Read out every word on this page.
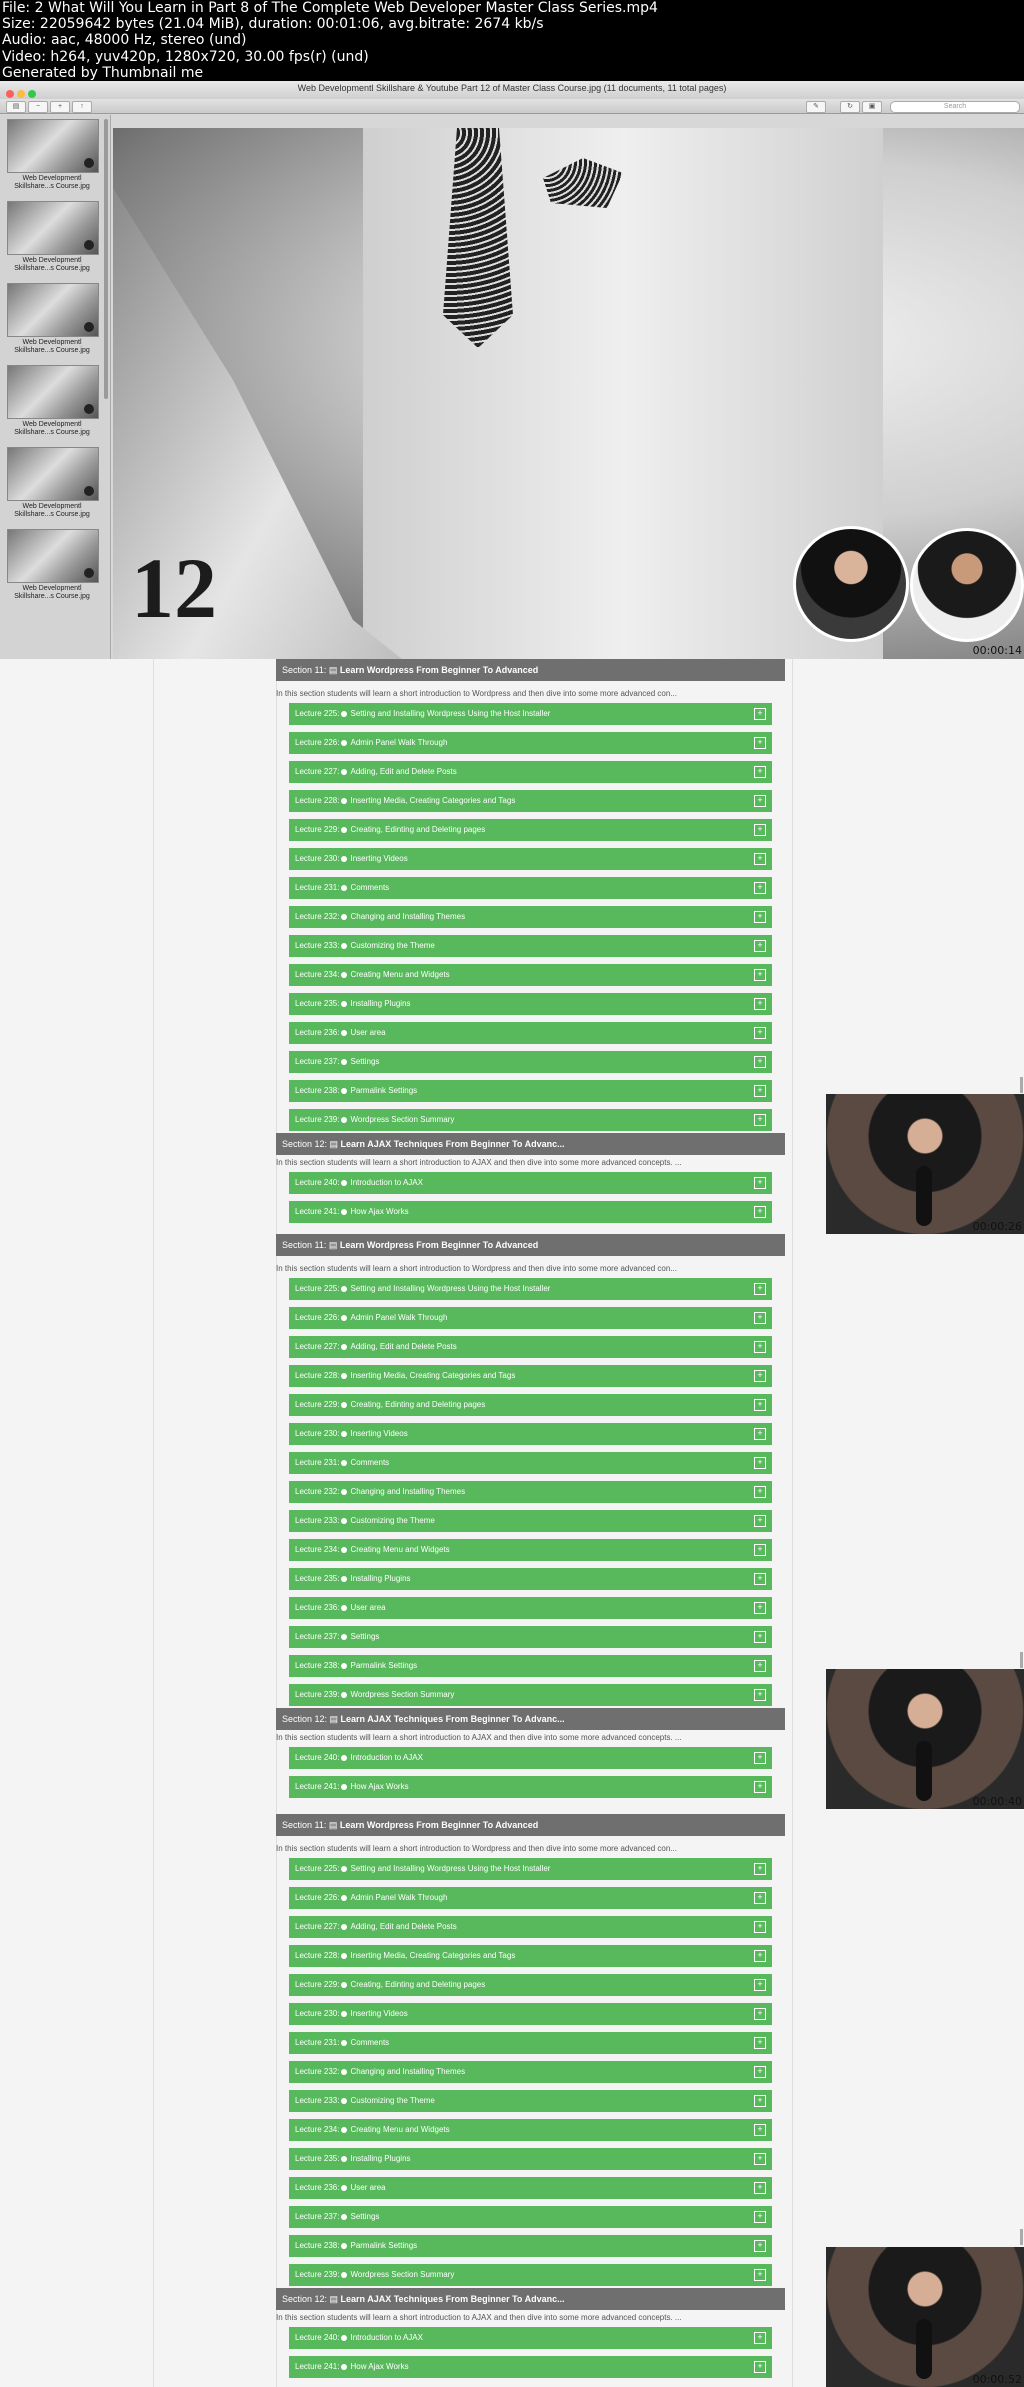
File: 2 What Will You Learn in Part 8 of The Complete Web Developer Master Class Series.mp4
Size: 22059642 bytes (21.04 MiB), duration: 00:01:06, avg.bitrate: 2674 kb/s
Audio: aac, 48000 Hz, stereo (und)
Video: h264, yuv420p, 1280x720, 30.00 fps(r) (und)
Generated by Thumbnail me
Web Developmentl Skillshare & Youtube Part 12 of Master Class Course.jpg (11 documents, 11 total pages)
▤	−	+	↑	✎	↻	▣	Search
Web Developmentl Skillshare...s Course.jpg
Web Developmentl Skillshare...s Course.jpg
Web Developmentl Skillshare...s Course.jpg
Web Developmentl Skillshare...s Course.jpg
Web Developmentl Skillshare...s Course.jpg
Web Developmentl Skillshare...s Course.jpg 12
00:00:14
Section 11: ▤ Learn Wordpress From Beginner To Advanced
In this section students will learn a short introduction to Wordpress and then dive into some more advanced con...
Lecture 225: Setting and Installing Wordpress Using the Host Installer	+
Lecture 226: Admin Panel Walk Through	+
Lecture 227: Adding, Edit and Delete Posts	+
Lecture 228: Inserting Media, Creating Categories and Tags	+
Lecture 229: Creating, Edinting and Deleting pages	+
Lecture 230: Inserting Videos	+
Lecture 231: Comments	+
Lecture 232: Changing and Installing Themes	+
Lecture 233: Customizing the Theme	+
Lecture 234: Creating Menu and Widgets	+
Lecture 235: Installing Plugins	+
Lecture 236: User area	+
Lecture 237: Settings	+
Lecture 238: Parmalink Settings	+
Lecture 239: Wordpress Section Summary	+
Section 12: ▤ Learn AJAX Techniques From Beginner To Advanc...
In this section students will learn a short introduction to AJAX and then dive into some more advanced concepts. ...
Lecture 240: Introduction to AJAX	+
Lecture 241: How Ajax Works	+
00:00:26
Section 11: ▤ Learn Wordpress From Beginner To Advanced
In this section students will learn a short introduction to Wordpress and then dive into some more advanced con...
Lecture 225: Setting and Installing Wordpress Using the Host Installer	+
Lecture 226: Admin Panel Walk Through	+
Lecture 227: Adding, Edit and Delete Posts	+
Lecture 228: Inserting Media, Creating Categories and Tags	+
Lecture 229: Creating, Edinting and Deleting pages	+
Lecture 230: Inserting Videos	+
Lecture 231: Comments	+
Lecture 232: Changing and Installing Themes	+
Lecture 233: Customizing the Theme	+
Lecture 234: Creating Menu and Widgets	+
Lecture 235: Installing Plugins	+
Lecture 236: User area	+
Lecture 237: Settings	+
Lecture 238: Parmalink Settings	+
Lecture 239: Wordpress Section Summary	+
Section 12: ▤ Learn AJAX Techniques From Beginner To Advanc...
In this section students will learn a short introduction to AJAX and then dive into some more advanced concepts. ...
Lecture 240: Introduction to AJAX	+
Lecture 241: How Ajax Works	+
00:00:40
Section 11: ▤ Learn Wordpress From Beginner To Advanced
In this section students will learn a short introduction to Wordpress and then dive into some more advanced con...
Lecture 225: Setting and Installing Wordpress Using the Host Installer	+
Lecture 226: Admin Panel Walk Through	+
Lecture 227: Adding, Edit and Delete Posts	+
Lecture 228: Inserting Media, Creating Categories and Tags	+
Lecture 229: Creating, Edinting and Deleting pages	+
Lecture 230: Inserting Videos	+
Lecture 231: Comments	+
Lecture 232: Changing and Installing Themes	+
Lecture 233: Customizing the Theme	+
Lecture 234: Creating Menu and Widgets	+
Lecture 235: Installing Plugins	+
Lecture 236: User area	+
Lecture 237: Settings	+
Lecture 238: Parmalink Settings	+
Lecture 239: Wordpress Section Summary	+
Section 12: ▤ Learn AJAX Techniques From Beginner To Advanc...
In this section students will learn a short introduction to AJAX and then dive into some more advanced concepts. ...
Lecture 240: Introduction to AJAX	+
Lecture 241: How Ajax Works	+
00:00:52
